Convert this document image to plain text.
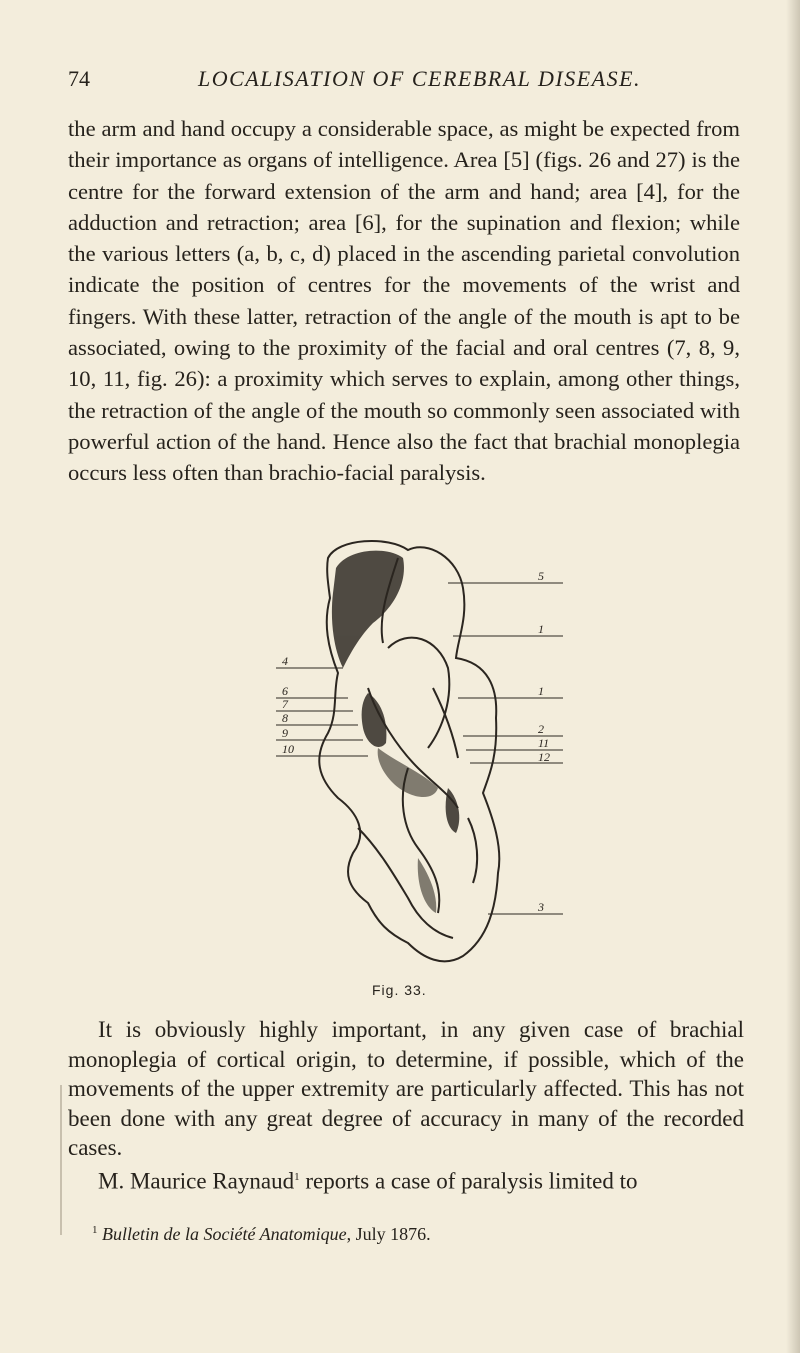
74	LOCALISATION OF CEREBRAL DISEASE.

the arm and hand occupy a considerable space, as might be expected from their importance as organs of intelligence. Area [5] (figs. 26 and 27) is the centre for the forward extension of the arm and hand; area [4], for the adduction and retraction; area [6], for the supination and flexion; while the various letters (a, b, c, d) placed in the ascending parietal convolution indicate the position of centres for the movements of the wrist and fingers. With these latter, retraction of the angle of the mouth is apt to be associated, owing to the proximity of the facial and oral centres (7, 8, 9, 10, 11, fig. 26): a proximity which serves to explain, among other things, the retraction of the angle of the mouth so commonly seen associated with powerful action of the hand. Hence also the fact that brachial monoplegia occurs less often than brachio-facial paralysis.

4
6
7
8
9
10
5
1
1
2
11
12
3
Fig. 33.

It is obviously highly important, in any given case of brachial monoplegia of cortical origin, to determine, if possible, which of the movements of the upper extremity are particularly affected. This has not been done with any great degree of accuracy in many of the recorded cases.

M. Maurice Raynaud$^1$ reports a case of paralysis limited to

$^1$ Bulletin de la Société Anatomique, July 1876.
